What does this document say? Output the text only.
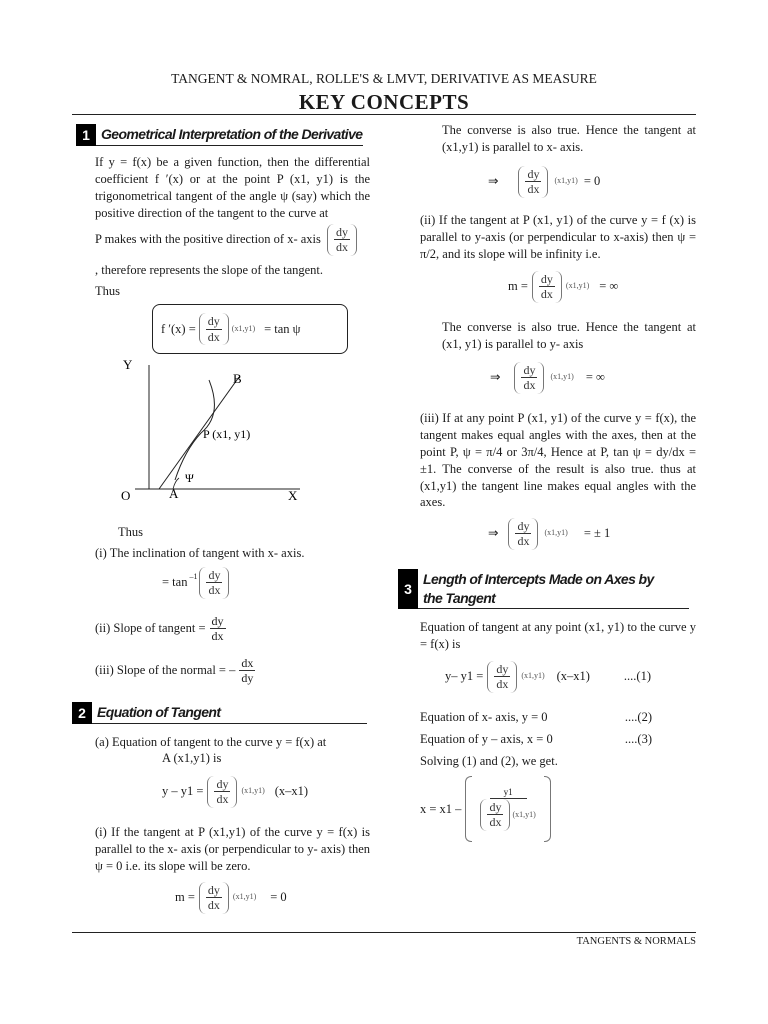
TANGENT & NOMRAL, ROLLE'S & LMVT, DERIVATIVE AS MEASURE
KEY CONCEPTS
1 Geometrical Interpretation of the Derivative
If y = f(x) be a given function, then the differential coefficient f ′(x) or at the point P (x1, y1) is the trigonometrical tangent of the angle ψ (say) which the positive direction of the tangent to the curve at
P makes with the positive direction of x- axis $\frac{dy}{dx}$
, therefore represents the slope of the tangent.
Thus
f $'(x) = \frac{dy}{dx} (x1,y1) = \tan \psi$
Y
X
O	A
B
P (x1, y1)
Ψ
Thus
(i) The inclination of tangent with x- axis.
= $\tan -1 \frac{dy}{dx}$
(ii) Slope of tangent = $\frac{dy}{dx}$
(iii) Slope of the normal = – $\frac{dx}{dy}$
2 Equation of Tangent
(a) Equation of tangent to the curve y = f(x) at
A (x1,y1) is
$y - y1 = \frac{dy}{dx} (x1,y1)$ (x–x1)
(i) If the tangent at P (x1,y1) of the curve y = f(x) is parallel to the x- axis (or perpendicular to y- axis) then ψ = 0 i.e. its slope will be zero.
$m = \frac{dy}{dx} (x1,y1) = 0$
The converse is also true. Hence the tangent at (x1,y1) is parallel to x- axis.
⇒ $\frac{dy}{dx} (x1,y1) = 0$
(ii) If the tangent at P (x1, y1) of the curve y = f (x) is parallel to y-axis (or perpendicular to x-axis) then ψ = π/2, and its slope will be infinity i.e.
$m = \frac{dy}{dx} (x1,y1)$ = ∞
The converse is also true. Hence the tangent at (x1, y1) is parallel to y- axis
⇒ $\frac{dy}{dx} (x1,y1)$ = ∞
(iii) If at any point P (x1, y1) of the curve y = f(x), the tangent makes equal angles with the axes, then at the point P, ψ = π/4 or 3π/4, Hence at P, tan ψ = dy/dx = ±1. The converse of the result is also true. thus at (x1,y1) the tangent line makes equal angles with the axes.
⇒ $\frac{dy}{dx} (x1,y1)$ = ± 1
3
Length of Intercepts Made on Axes by
the Tangent
Equation of tangent at any point (x1, y1) to the curve y = f(x) is
y– $y1 = \frac{dy}{dx} (x1,y1)$ (x–x1)	....(1)
Equation of x- axis, y = 0	....(2)
Equation of y – axis, x = 0	....(3)
Solving (1) and (2), we get.
$x = x1 - \frac{y1}{\frac{dy}{dx} (x1,y1)}$
TANGENTS & NORMALS
